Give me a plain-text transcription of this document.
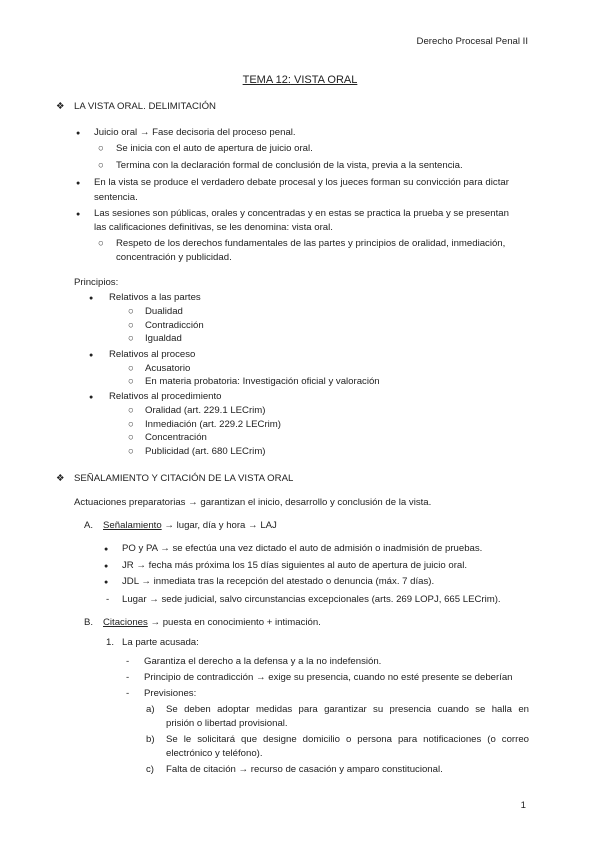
Derecho Procesal Penal II
TEMA 12: VISTA ORAL
❖ LA VISTA ORAL. DELIMITACIÓN
● Juicio oral → Fase decisoria del proceso penal.
○ Se inicia con el auto de apertura de juicio oral.
○ Termina con la declaración formal de conclusión de la vista, previa a la sentencia.
● En la vista se produce el verdadero debate procesal y los jueces forman su convicción para dictar
sentencia.
● Las sesiones son públicas, orales y concentradas y en estas se practica la prueba y se presentan
las calificaciones definitivas, se les denomina: vista oral.
○ Respeto de los derechos fundamentales de las partes y principios de oralidad, inmediación,
concentración y publicidad.
Principios:
● Relativos a las partes
○ Dualidad
○ Contradicción
○ Igualdad
● Relativos al proceso
○ Acusatorio
○ En materia probatoria: Investigación oficial y valoración
● Relativos al procedimiento
○ Oralidad (art. 229.1 LECrim)
○ Inmediación (art. 229.2 LECrim)
○ Concentración
○ Publicidad (art. 680 LECrim)
❖ SEÑALAMIENTO Y CITACIÓN DE LA VISTA ORAL
Actuaciones preparatorias → garantizan el inicio, desarrollo y conclusión de la vista.
A. Señalamiento → lugar, día y hora → LAJ
● PO y PA → se efectúa una vez dictado el auto de admisión o inadmisión de pruebas.
● JR → fecha más próxima los 15 días siguientes al auto de apertura de juicio oral.
● JDL → inmediata tras la recepción del atestado o denuncia (máx. 7 días).
- Lugar → sede judicial, salvo circunstancias excepcionales (arts. 269 LOPJ, 665 LECrim).
B. Citaciones → puesta en conocimiento + intimación.
1. La parte acusada:
- Garantiza el derecho a la defensa y a la no indefensión.
- Principio de contradicción → exige su presencia, cuando no esté presente se deberían
- Previsiones:
a) Se deben adoptar medidas para garantizar su presencia cuando se halla en
prisión o libertad provisional.
b) Se le solicitará que designe domicilio o persona para notificaciones (o correo
electrónico y teléfono).
c) Falta de citación → recurso de casación y amparo constitucional.
1
